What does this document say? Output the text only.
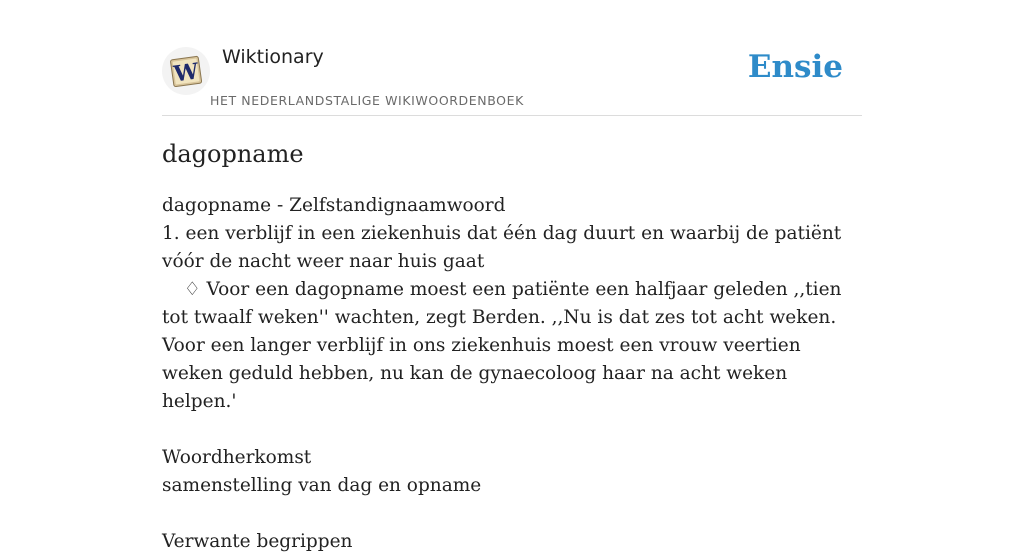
W
Wiktionary
HET NEDERLANDSTALIGE WIKIWOORDENBOEK
Ensie
dagopname
dagopname - Zelfstandignaamwoord
1. een verblijf in een ziekenhuis dat één dag duurt en waarbij de patiënt vóór de nacht weer naar huis gaat
♢ Voor een dagopname moest een patiënte een halfjaar geleden ,,tien tot twaalf weken'' wachten, zegt Berden. ,,Nu is dat zes tot acht weken. Voor een langer verblijf in ons ziekenhuis moest een vrouw veertien weken geduld hebben, nu kan de gynaecoloog haar na acht weken helpen.'
Woordherkomst
samenstelling van dag en opname
Verwante begrippen
